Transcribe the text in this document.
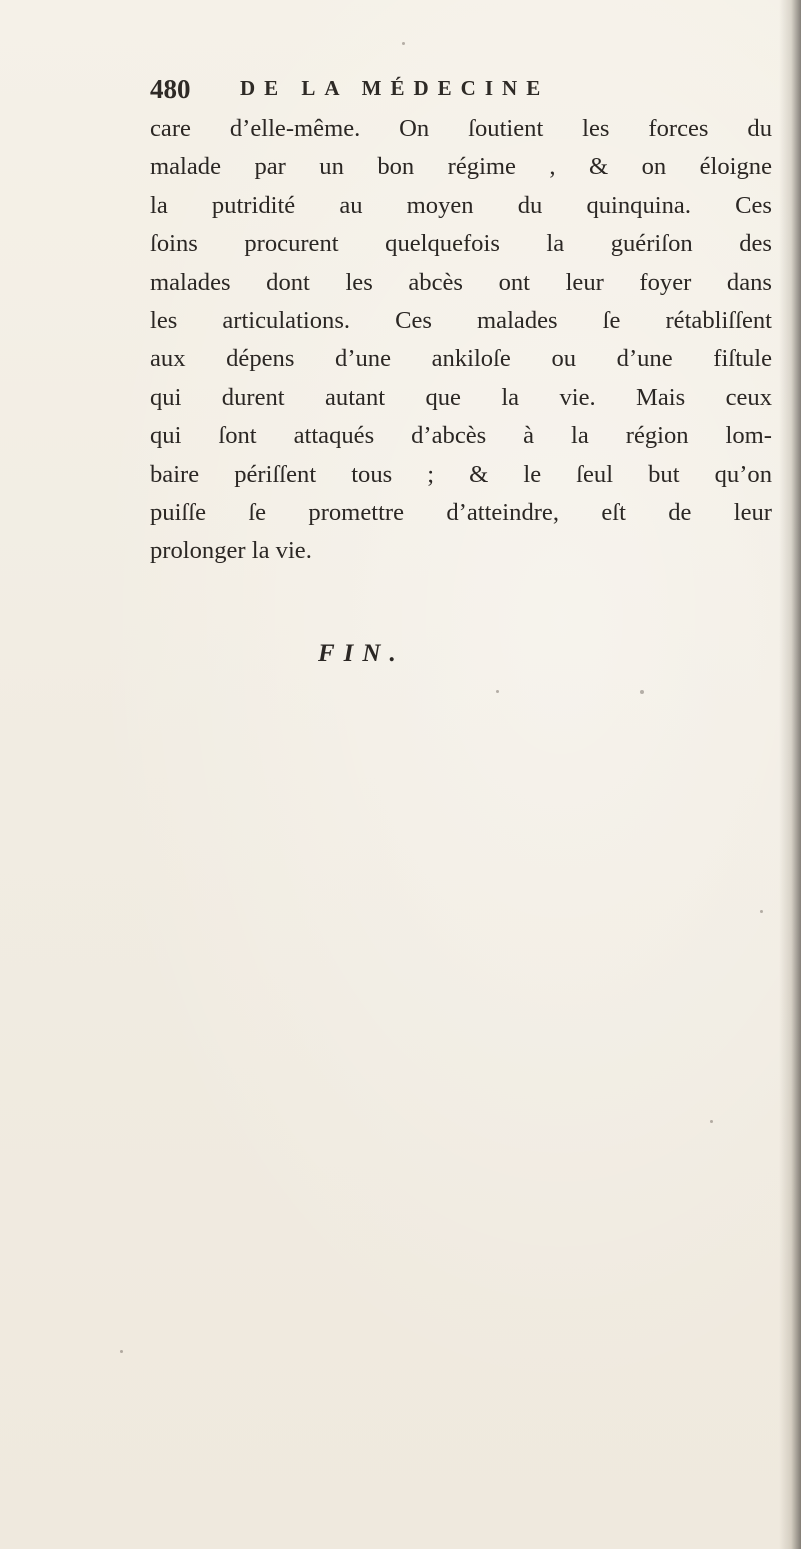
480 DE LA MÉDECINE
care d’elle-même. On ſoutient les forces du
malade par un bon régime , & on éloigne
la putridité au moyen du quinquina. Ces
ſoins procurent quelquefois la guériſon des
malades dont les abcès ont leur foyer dans
les articulations. Ces malades ſe rétabliſſent
aux dépens d’une ankiloſe ou d’une fiſtule
qui durent autant que la vie. Mais ceux
qui ſont attaqués d’abcès à la région lom-
baire périſſent tous ; & le ſeul but qu’on
puiſſe ſe promettre d’atteindre, eſt de leur
prolonger la vie.
FIN.
